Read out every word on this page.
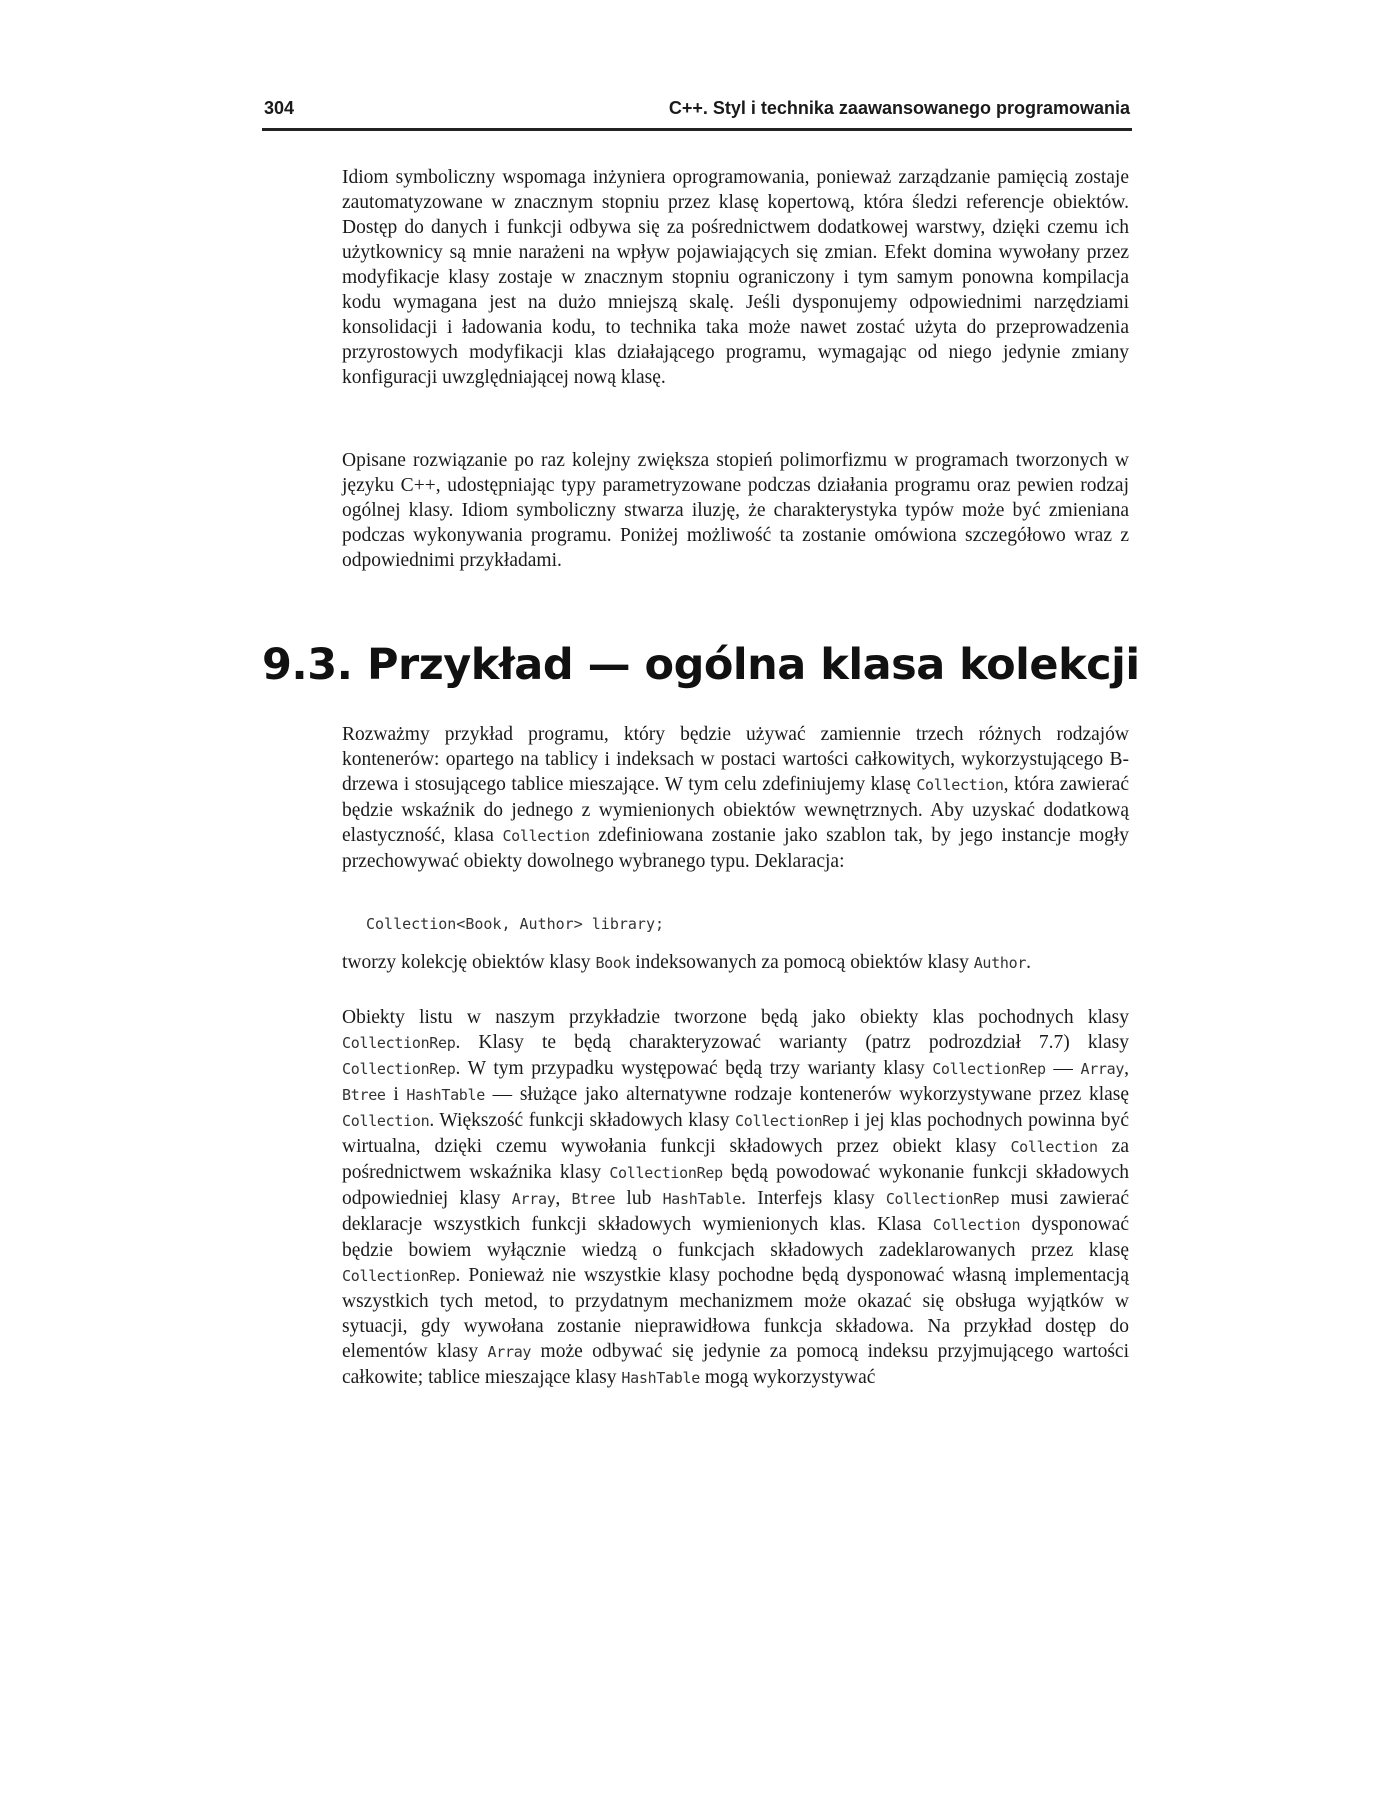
304	C++. Styl i technika zaawansowanego programowania

Idiom symboliczny wspomaga inżyniera oprogramowania, ponieważ zarządzanie pamięcią zostaje zautomatyzowane w znacznym stopniu przez klasę kopertową, która śledzi referencje obiektów. Dostęp do danych i funkcji odbywa się za pośrednictwem dodatkowej warstwy, dzięki czemu ich użytkownicy są mnie narażeni na wpływ pojawiających się zmian. Efekt domina wywołany przez modyfikacje klasy zostaje w znacznym stopniu ograniczony i tym samym ponowna kompilacja kodu wymagana jest na dużo mniejszą skalę. Jeśli dysponujemy odpowiednimi narzędziami konsolidacji i ładowania kodu, to technika taka może nawet zostać użyta do przeprowadzenia przyrostowych modyfikacji klas działającego programu, wymagając od niego jedynie zmiany konfiguracji uwzględniającej nową klasę.

Opisane rozwiązanie po raz kolejny zwiększa stopień polimorfizmu w programach tworzonych w języku C++, udostępniając typy parametryzowane podczas działania programu oraz pewien rodzaj ogólnej klasy. Idiom symboliczny stwarza iluzję, że charakterystyka typów może być zmieniana podczas wykonywania programu. Poniżej możliwość ta zostanie omówiona szczegółowo wraz z odpowiednimi przykładami.

9.3. Przykład — ogólna klasa kolekcji

Rozważmy przykład programu, który będzie używać zamiennie trzech różnych rodzajów kontenerów: opartego na tablicy i indeksach w postaci wartości całkowitych, wykorzystującego B-drzewa i stosującego tablice mieszające. W tym celu zdefiniujemy klasę Collection, która zawierać będzie wskaźnik do jednego z wymienionych obiektów wewnętrznych. Aby uzyskać dodatkową elastyczność, klasa Collection zdefiniowana zostanie jako szablon tak, by jego instancje mogły przechowywać obiekty dowolnego wybranego typu. Deklaracja:

Collection<Book, Author> library;

tworzy kolekcję obiektów klasy Book indeksowanych za pomocą obiektów klasy Author.

Obiekty listu w naszym przykładzie tworzone będą jako obiekty klas pochodnych klasy CollectionRep. Klasy te będą charakteryzować warianty (patrz podrozdział 7.7) klasy CollectionRep. W tym przypadku występować będą trzy warianty klasy CollectionRep — Array, Btree i HashTable — służące jako alternatywne rodzaje kontenerów wykorzystywane przez klasę Collection. Większość funkcji składowych klasy CollectionRep i jej klas pochodnych powinna być wirtualna, dzięki czemu wywołania funkcji składowych przez obiekt klasy Collection za pośrednictwem wskaźnika klasy CollectionRep będą powodować wykonanie funkcji składowych odpowiedniej klasy Array, Btree lub HashTable. Interfejs klasy CollectionRep musi zawierać deklaracje wszystkich funkcji składowych wymienionych klas. Klasa Collection dysponować będzie bowiem wyłącznie wiedzą o funkcjach składowych zadeklarowanych przez klasę CollectionRep. Ponieważ nie wszystkie klasy pochodne będą dysponować własną implementacją wszystkich tych metod, to przydatnym mechanizmem może okazać się obsługa wyjątków w sytuacji, gdy wywołana zostanie nieprawidłowa funkcja składowa. Na przykład dostęp do elementów klasy Array może odbywać się jedynie za pomocą indeksu przyjmującego wartości całkowite; tablice mieszające klasy HashTable mogą wykorzystywać
